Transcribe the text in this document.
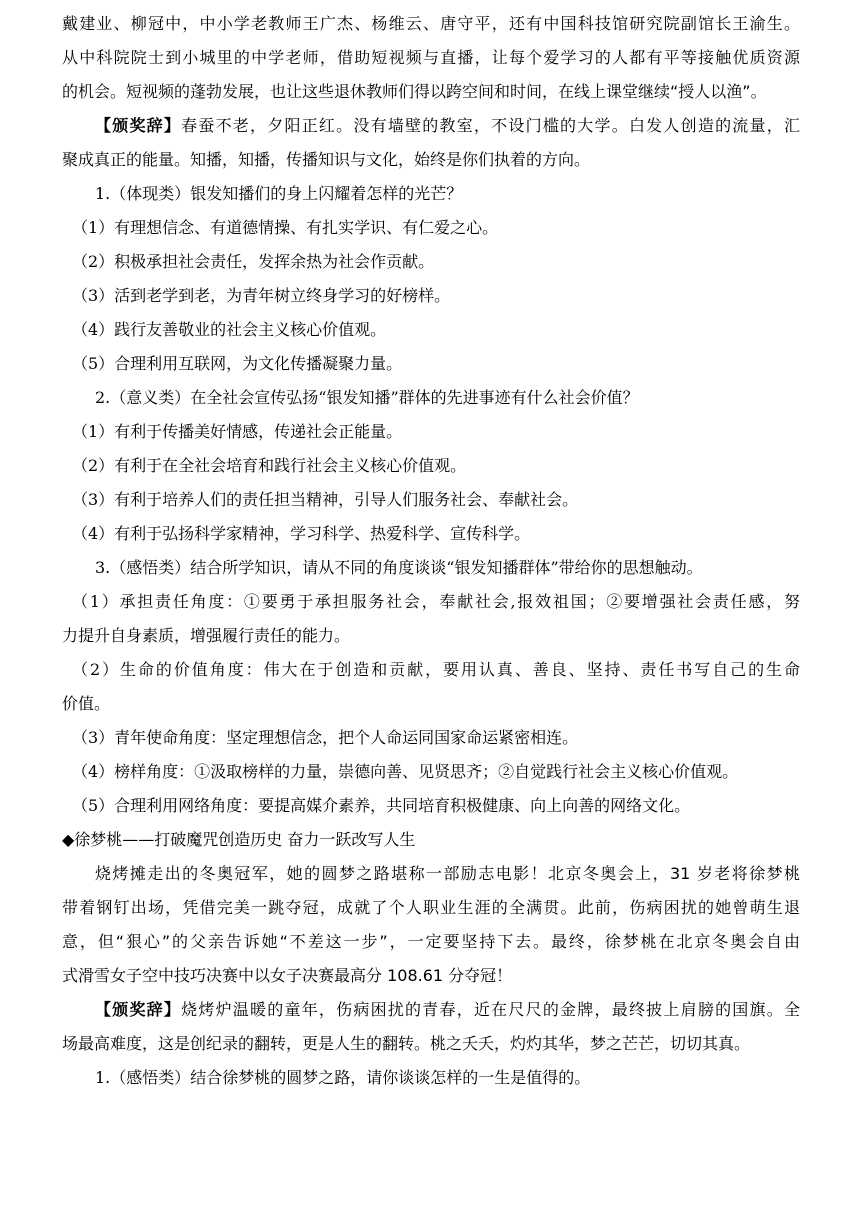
戴建业、柳冠中，中小学老教师王广杰、杨维云、唐守平，还有中国科技馆研究院副馆长王渝生。
从中科院院士到小城里的中学老师，借助短视频与直播，让每个爱学习的人都有平等接触优质资源
的机会。短视频的蓬勃发展，也让这些退休教师们得以跨空间和时间，在线上课堂继续“授人以渔”。
【颁奖辞】春蚕不老，夕阳正红。没有墙壁的教室，不设门槛的大学。白发人创造的流量，汇
聚成真正的能量。知播，知播，传播知识与文化，始终是你们执着的方向。
1.（体现类）银发知播们的身上闪耀着怎样的光芒？
（1）有理想信念、有道德情操、有扎实学识、有仁爱之心。
（2）积极承担社会责任，发挥余热为社会作贡献。
（3）活到老学到老，为青年树立终身学习的好榜样。
（4）践行友善敬业的社会主义核心价值观。
（5）合理利用互联网，为文化传播凝聚力量。
2.（意义类）在全社会宣传弘扬“银发知播”群体的先进事迹有什么社会价值？
（1）有利于传播美好情感，传递社会正能量。
（2）有利于在全社会培育和践行社会主义核心价值观。
（3）有利于培养人们的责任担当精神，引导人们服务社会、奉献社会。
（4）有利于弘扬科学家精神，学习科学、热爱科学、宣传科学。
3.（感悟类）结合所学知识，请从不同的角度谈谈“银发知播群体”带给你的思想触动。
（1）承担责任角度：①要勇于承担服务社会，奉献社会,报效祖国；②要增强社会责任感，努
力提升自身素质，增强履行责任的能力。
（2）生命的价值角度：伟大在于创造和贡献，要用认真、善良、坚持、责任书写自己的生命
价值。
（3）青年使命角度：坚定理想信念，把个人命运同国家命运紧密相连。
（4）榜样角度：①汲取榜样的力量，崇德向善、见贤思齐；②自觉践行社会主义核心价值观。
（5）合理利用网络角度：要提高媒介素养，共同培育积极健康、向上向善的网络文化。
◆徐梦桃——打破魔咒创造历史 奋力一跃改写人生
烧烤摊走出的冬奥冠军，她的圆梦之路堪称一部励志电影！北京冬奥会上，31 岁老将徐梦桃
带着钢钉出场，凭借完美一跳夺冠，成就了个人职业生涯的全满贯。此前，伤病困扰的她曾萌生退
意，但“狠心”的父亲告诉她“不差这一步”，一定要坚持下去。最终，徐梦桃在北京冬奥会自由
式滑雪女子空中技巧决赛中以女子决赛最高分 108.61 分夺冠！
【颁奖辞】烧烤炉温暖的童年，伤病困扰的青春，近在尺尺的金牌，最终披上肩膀的国旗。全
场最高难度，这是创纪录的翻转，更是人生的翻转。桃之夭夭，灼灼其华，梦之芒芒，切切其真。
1.（感悟类）结合徐梦桃的圆梦之路，请你谈谈怎样的一生是值得的。
